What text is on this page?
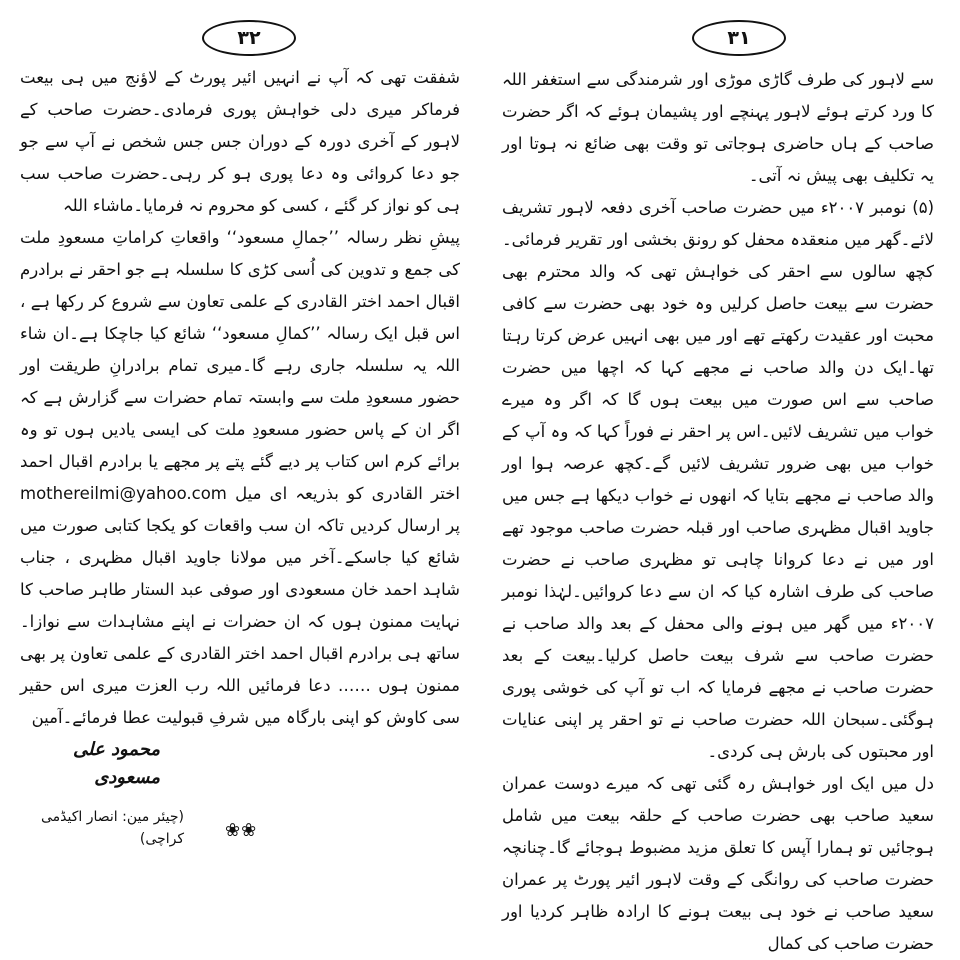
۳۲

شفقت تھی کہ آپ نے انہیں ائیر پورٹ کے لاؤنج میں ہی بیعت فرماکر میری دلی خواہش پوری فرمادی۔حضرت صاحب کے لاہور کے آخری دورہ کے دوران جس جس شخص نے آپ سے جو جو دعا کروائی وہ دعا پوری ہو کر رہی۔حضرت صاحب سب ہی کو نواز کر گئے ، کسی کو محروم نہ فرمایا۔ماشاء اللہ

پیشِ نظر رسالہ ’’جمالِ مسعود‘‘ واقعاتِ کراماتِ مسعودِ ملت کی جمع و تدوین کی اُسی کڑی کا سلسلہ ہے جو احقر نے برادرم اقبال احمد اختر القادری کے علمی تعاون سے شروع کر رکھا ہے ، اس قبل ایک رسالہ ’’کمالِ مسعود‘‘ شائع کیا جاچکا ہے۔ان شاء اللہ یہ سلسلہ جاری رہے گا۔میری تمام برادرانِ طریقت اور حضور مسعودِ ملت سے وابستہ تمام حضرات سے گزارش ہے کہ اگر ان کے پاس حضور مسعودِ ملت کی ایسی یادیں ہوں تو وہ برائے کرم اس کتاب پر دیے گئے پتے پر مجھے یا برادرم اقبال احمد اختر القادری کو بذریعہ ای میل mothereilmi@yahoo.com پر ارسال کردیں تاکہ ان سب واقعات کو یکجا کتابی صورت میں شائع کیا جاسکے۔آخر میں مولانا جاوید اقبال مظہری ، جناب شاہد احمد خان مسعودی اور صوفی عبد الستار طاہر صاحب کا نہایت ممنون ہوں کہ ان حضرات نے اپنے مشاہدات سے نوازا۔ساتھ ہی برادرم اقبال احمد اختر القادری کے علمی تعاون پر بھی ممنون ہوں …… دعا فرمائیں اللہ رب العزت میری اس حقیر سی کاوش کو اپنی بارگاہ میں شرفِ قبولیت عطا فرمائے۔آمین

محمود علی مسعودی

(چیئر مین: انصار اکیڈمی کراچی)	❀❀
۳۱

سے لاہور کی طرف گاڑی موڑی اور شرمندگی سے استغفر اللہ کا ورد کرتے ہوئے لاہور پہنچے اور پشیمان ہوئے کہ اگر حضرت صاحب کے ہاں حاضری ہوجاتی تو وقت بھی ضائع نہ ہوتا اور یہ تکلیف بھی پیش نہ آتی۔

(۵) نومبر ۲۰۰۷ء میں حضرت صاحب آخری دفعہ لاہور تشریف لائے۔گھر میں منعقدہ محفل کو رونق بخشی اور تقریر فرمائی۔کچھ سالوں سے احقر کی خواہش تھی کہ والد محترم بھی حضرت سے بیعت حاصل کرلیں وہ خود بھی حضرت سے کافی محبت اور عقیدت رکھتے تھے اور میں بھی انہیں عرض کرتا رہتا تھا۔ایک دن والد صاحب نے مجھے کہا کہ اچھا میں حضرت صاحب سے اس صورت میں بیعت ہوں گا کہ اگر وہ میرے خواب میں تشریف لائیں۔اس پر احقر نے فوراً کہا کہ وہ آپ کے خواب میں بھی ضرور تشریف لائیں گے۔کچھ عرصہ ہوا اور والد صاحب نے مجھے بتایا کہ انھوں نے خواب دیکھا ہے جس میں جاوید اقبال مظہری صاحب اور قبلہ حضرت صاحب موجود تھے اور میں نے دعا کروانا چاہی تو مظہری صاحب نے حضرت صاحب کی طرف اشارہ کیا کہ ان سے دعا کروائیں۔لہٰذا نومبر ۲۰۰۷ء میں گھر میں ہونے والی محفل کے بعد والد صاحب نے حضرت صاحب سے شرف بیعت حاصل کرلیا۔بیعت کے بعد حضرت صاحب نے مجھے فرمایا کہ اب تو آپ کی خوشی پوری ہوگئی۔سبحان اللہ حضرت صاحب نے تو احقر پر اپنی عنایات اور محبتوں کی بارش ہی کردی۔

دل میں ایک اور خواہش رہ گئی تھی کہ میرے دوست عمران سعید صاحب بھی حضرت صاحب کے حلقہ بیعت میں شامل ہوجائیں تو ہمارا آپس کا تعلق مزید مضبوط ہوجائے گا۔چنانچہ حضرت صاحب کی روانگی کے وقت لاہور ائیر پورٹ پر عمران سعید صاحب نے خود ہی بیعت ہونے کا ارادہ ظاہر کردیا اور حضرت صاحب کی کمال
